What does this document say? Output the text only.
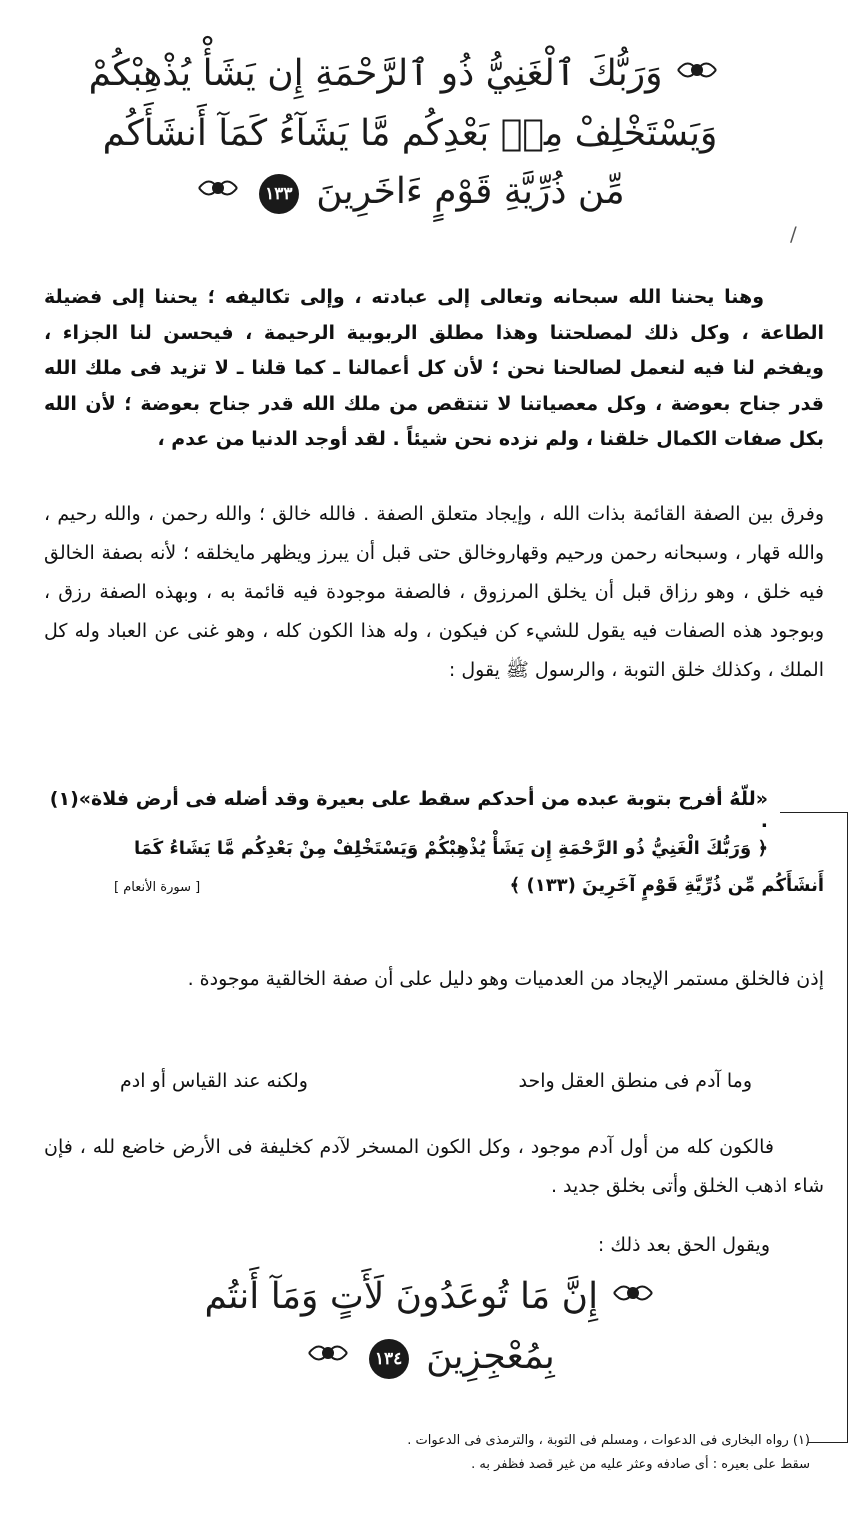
وَرَبُّكَ ٱلْغَنِيُّ ذُو ٱلرَّحْمَةِ إِن يَشَأْ يُذْهِبْكُمْ
وَيَسْتَخْلِفْ مِنۢ بَعْدِكُم مَّا يَشَآءُ كَمَآ أَنشَأَكُم
مِّن ذُرِّيَّةِ قَوْمٍ ءَاخَرِينَ ١٣٣
/
وهنا يحننا الله سبحانه وتعالى إلى عبادته ، وإلى تكاليفه ؛ يحننا إلى فضيلة الطاعة ، وكل ذلك لمصلحتنا وهذا مطلق الربوبية الرحيمة ، فيحسن لنا الجزاء ، ويفخم لنا فيه لنعمل لصالحنا نحن ؛ لأن كل أعمالنا ـ كما قلنا ـ لا تزيد فى ملك الله قدر جناح بعوضة ، وكل معصياتنا لا تنتقص من ملك الله قدر جناح بعوضة ؛ لأن الله بكل صفات الكمال خلقنا ، ولم نزده نحن شيئاً . لقد أوجد الدنيا من عدم ،
وفرق بين الصفة القائمة بذات الله ، وإيجاد متعلق الصفة . فالله خالق ؛ والله رحمن ، والله رحيم ، والله قهار ، وسبحانه رحمن ورحيم وقهاروخالق حتى قبل أن يبرز ويظهر مايخلقه ؛ لأنه بصفة الخالق فيه خلق ، وهو رزاق قبل أن يخلق المرزوق ، فالصفة موجودة فيه قائمة به ، وبهذه الصفة رزق ، وبوجود هذه الصفات فيه يقول للشيء كن فيكون ، وله هذا الكون كله ، وهو غنى عن العباد وله كل الملك ، وكذلك خلق التوبة ، والرسول ﷺ يقول :
«للّهُ أفرح بتوبة عبده من أحدكم سقط على بعيرة وقد أضله فى أرض فلاة»(١) .
﴿ وَرَبُّكَ الْغَنِيُّ ذُو الرَّحْمَةِ إِن يَشَأْ يُذْهِبْكُمْ وَيَسْتَخْلِفْ مِنْ بَعْدِكُم مَّا يَشَاءُ كَمَا
أَنشَأَكُم مِّن ذُرِّيَّةِ قَوْمٍ آخَرِينَ (١٣٣) ﴾
[ سورة الأنعام ]
إذن فالخلق مستمر الإيجاد من العدميات وهو دليل على أن صفة الخالقية موجودة .
وما آدم فى منطق العقل واحد
ولكنه عند القياس أو ادم
فالكون كله من أول آدم موجود ، وكل الكون المسخر لآدم كخليفة فى الأرض خاضع لله ، فإن شاء اذهب الخلق وأتى بخلق جديد .
ويقول الحق بعد ذلك :
إِنَّ مَا تُوعَدُونَ لَأَتٍ وَمَآ أَنتُم
بِمُعْجِزِينَ ١٣٤
(١) رواه البخارى فى الدعوات ، ومسلم فى التوبة ، والترمذى فى الدعوات .
سقط على بعيره : أى صادفه وعثر عليه من غير قصد فظفر به .
